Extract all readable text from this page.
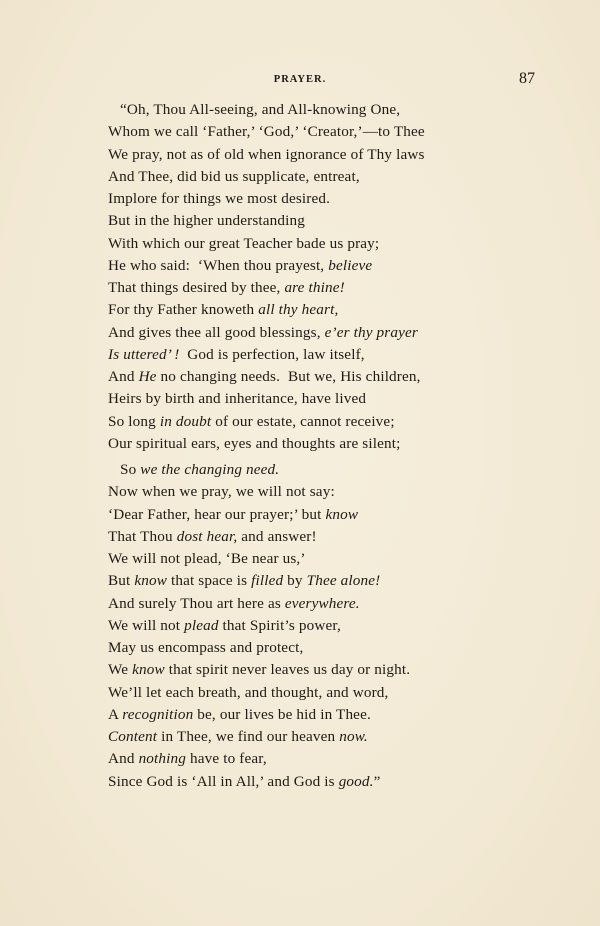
PRAYER.	87
“Oh, Thou All-seeing, and All-knowing One,
Whom we call ‘Father,’ ‘God,’ ‘Creator,’—to Thee
We pray, not as of old when ignorance of Thy laws
And Thee, did bid us supplicate, entreat,
Implore for things we most desired.
But in the higher understanding
With which our great Teacher bade us pray;
He who said:  ‘When thou prayest, believe
That things desired by thee, are thine!
For thy Father knoweth all thy heart,
And gives thee all good blessings, e’er thy prayer
Is uttered’ !  God is perfection, law itself,
And He no changing needs.  But we, His children,
Heirs by birth and inheritance, have lived
So long in doubt of our estate, cannot receive;
Our spiritual ears, eyes and thoughts are silent;
So we the changing need.
Now when we pray, we will not say:
‘Dear Father, hear our prayer;’ but know
That Thou dost hear, and answer!
We will not plead, ‘Be near us,’
But know that space is filled by Thee alone!
And surely Thou art here as everywhere.
We will not plead that Spirit’s power,
May us encompass and protect,
We know that spirit never leaves us day or night.
We’ll let each breath, and thought, and word,
A recognition be, our lives be hid in Thee.
Content in Thee, we find our heaven now.
And nothing have to fear,
Since God is ‘All in All,’ and God is good.”
